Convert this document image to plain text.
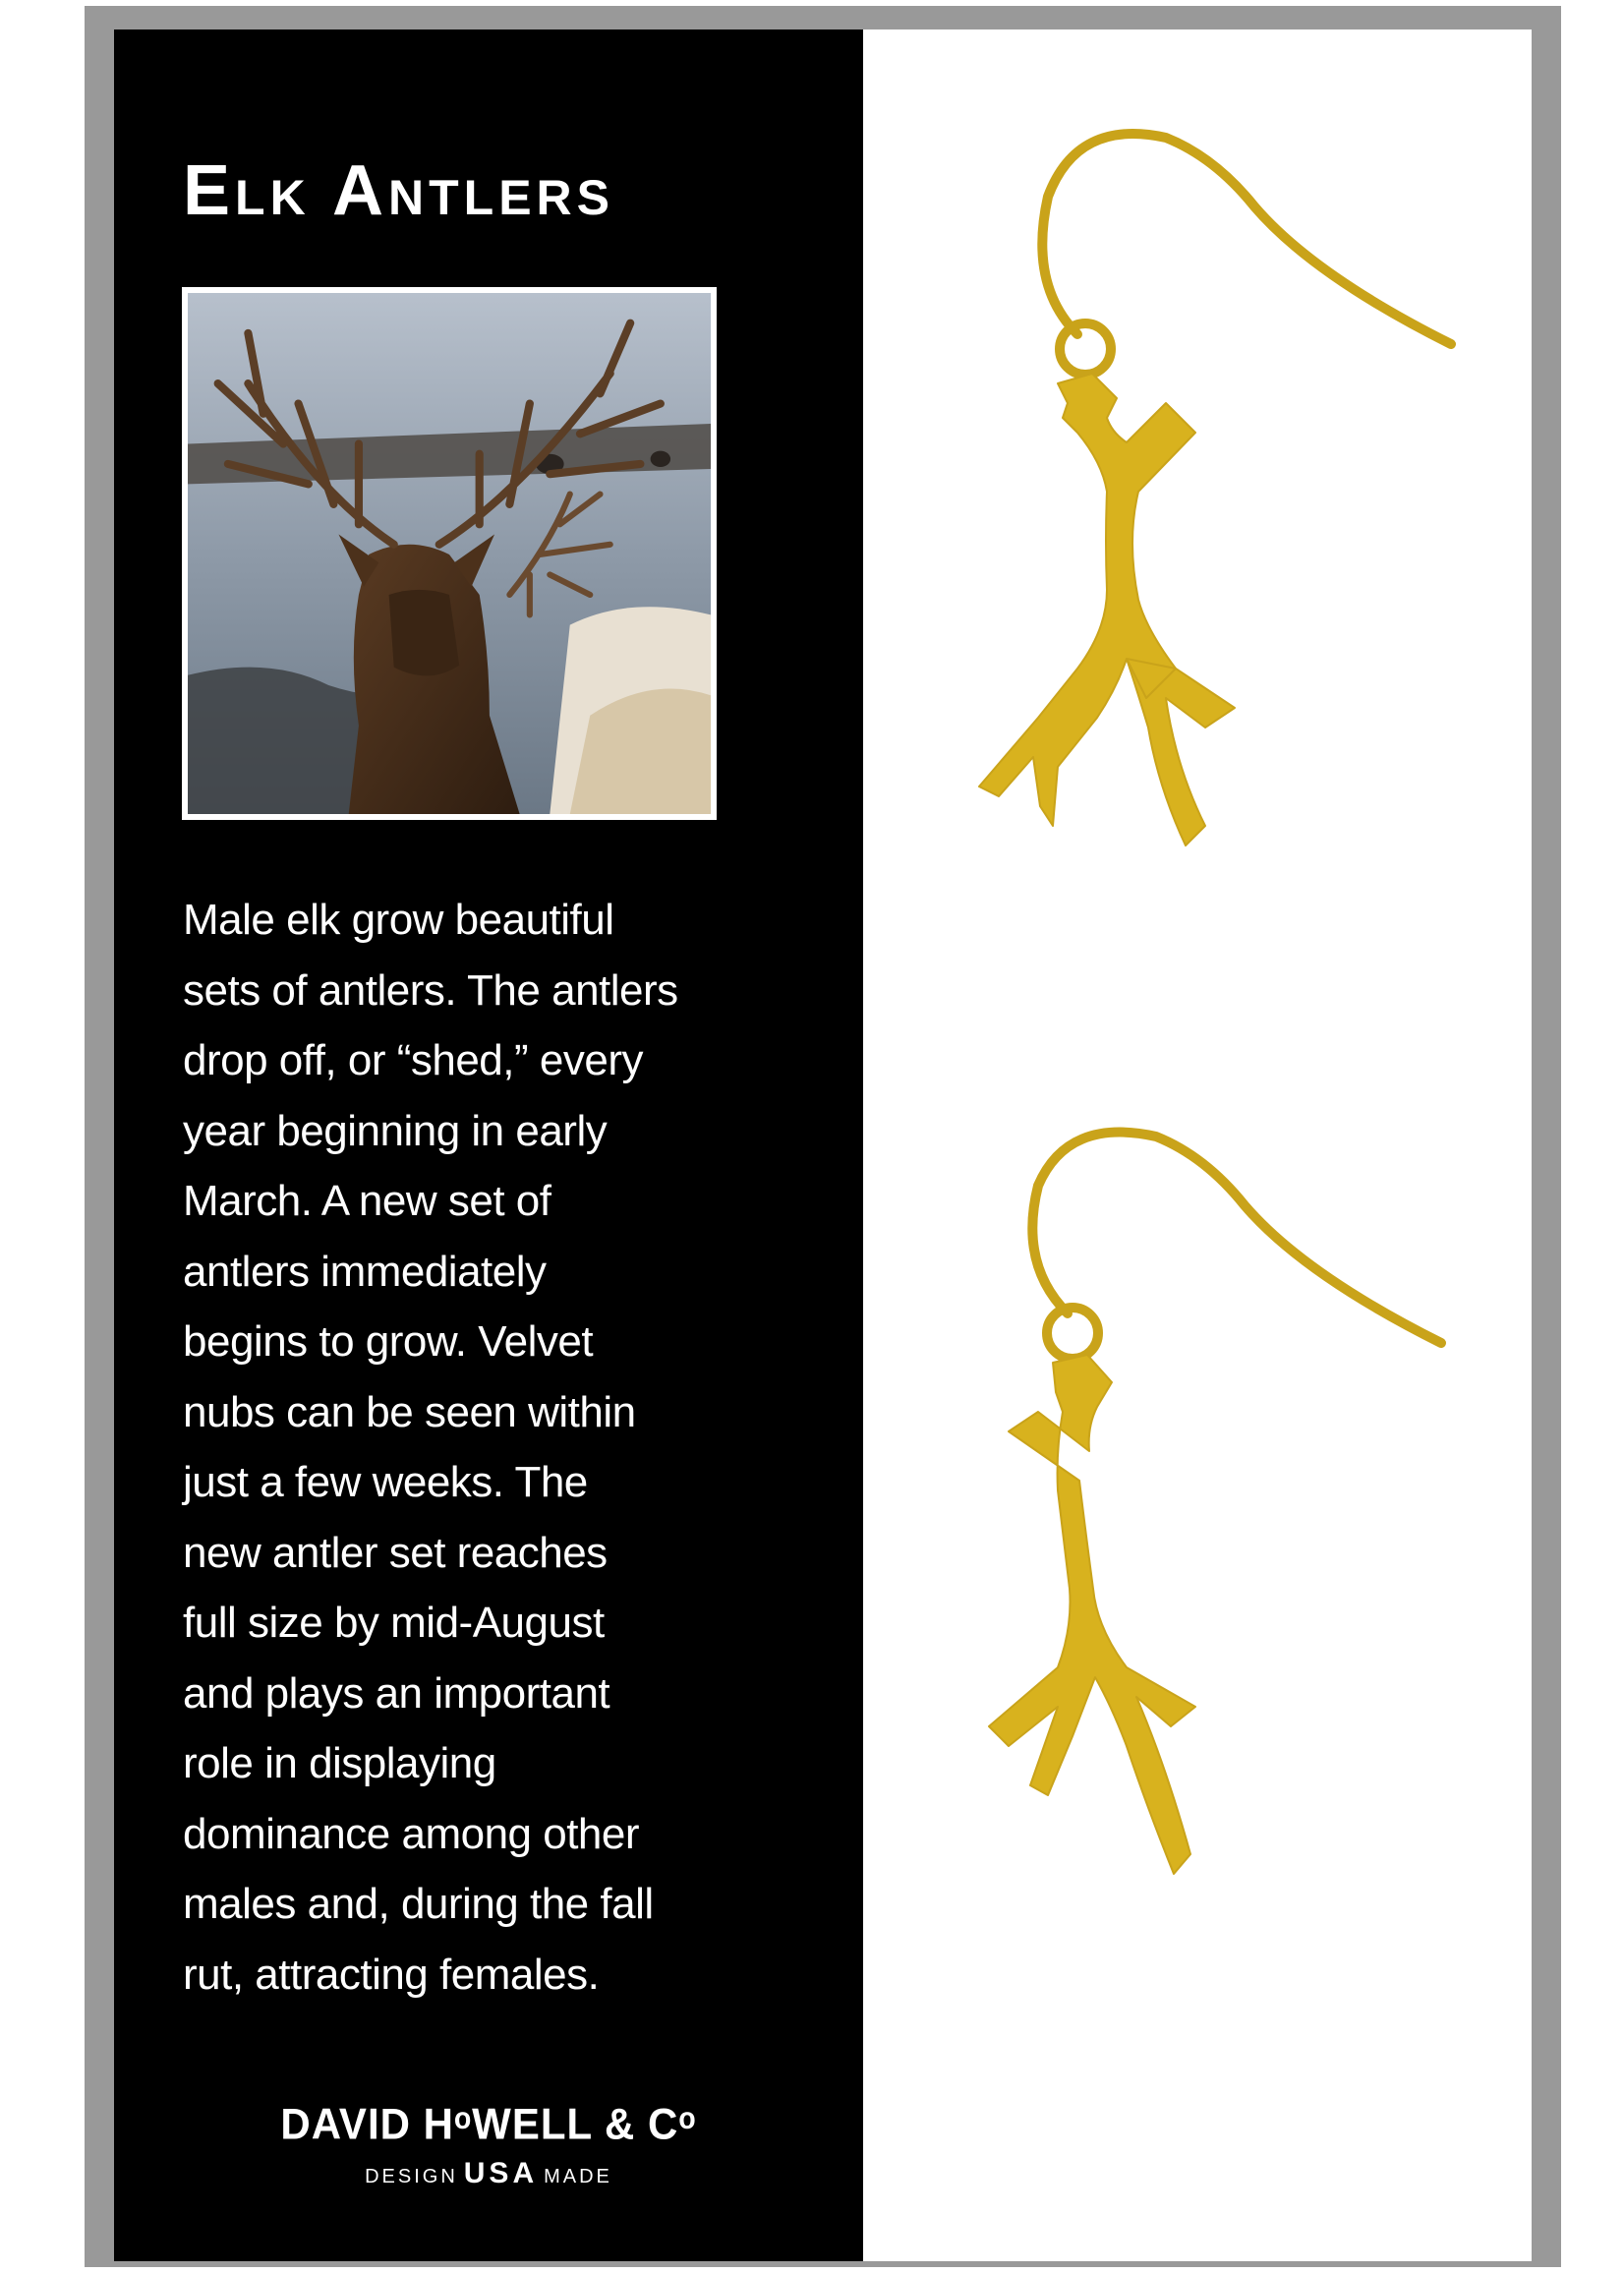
Elk Antlers

Male elk grow beautiful
sets of antlers. The antlers
drop off, or “shed,” every
year beginning in early
March. A new set of
antlers immediately
begins to grow. Velvet
nubs can be seen within
just a few weeks. The
new antler set reaches
full size by mid-August
and plays an important
role in displaying
dominance among other
males and, during the fall
rut, attracting females.

DAVID HᵒWELL & Cᵒ
DESIGN USA MADE
